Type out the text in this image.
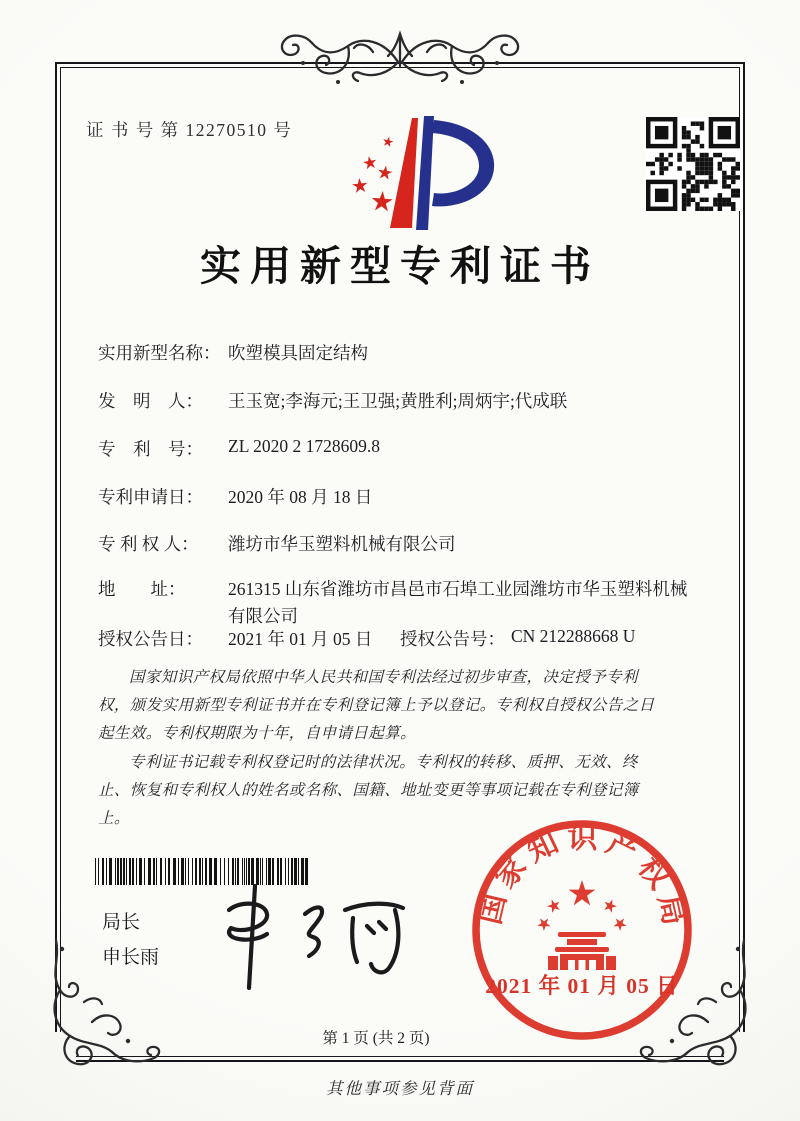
证 书 号 第 12270510 号
实用新型专利证书
实用新型名称： 吹塑模具固定结构
发　明　人：	王玉宽;李海元;王卫强;黄胜利;周炳宇;代成联
专　利　号：	ZL 2020 2 1728609.8
专利申请日：	2020 年 08 月 18 日
专 利 权 人：	潍坊市华玉塑料机械有限公司
地　　址：	261315 山东省潍坊市昌邑市石埠工业园潍坊市华玉塑料机械有限公司
授权公告日：	2021 年 01 月 05 日 授权公告号： CN 212288668 U

国家知识产权局依照中华人民共和国专利法经过初步审查，决定授予专利权，颁发实用新型专利证书并在专利登记簿上予以登记。专利权自授权公告之日起生效。专利权期限为十年，自申请日起算。

专利证书记载专利权登记时的法律状况。专利权的转移、质押、无效、终止、恢复和专利权人的姓名或名称、国籍、地址变更等事项记载在专利登记簿上。

局长
申长雨
国家知识产权局
2021 年 01 月 05 日
第 1 页 (共 2 页)
其他事项参见背面
